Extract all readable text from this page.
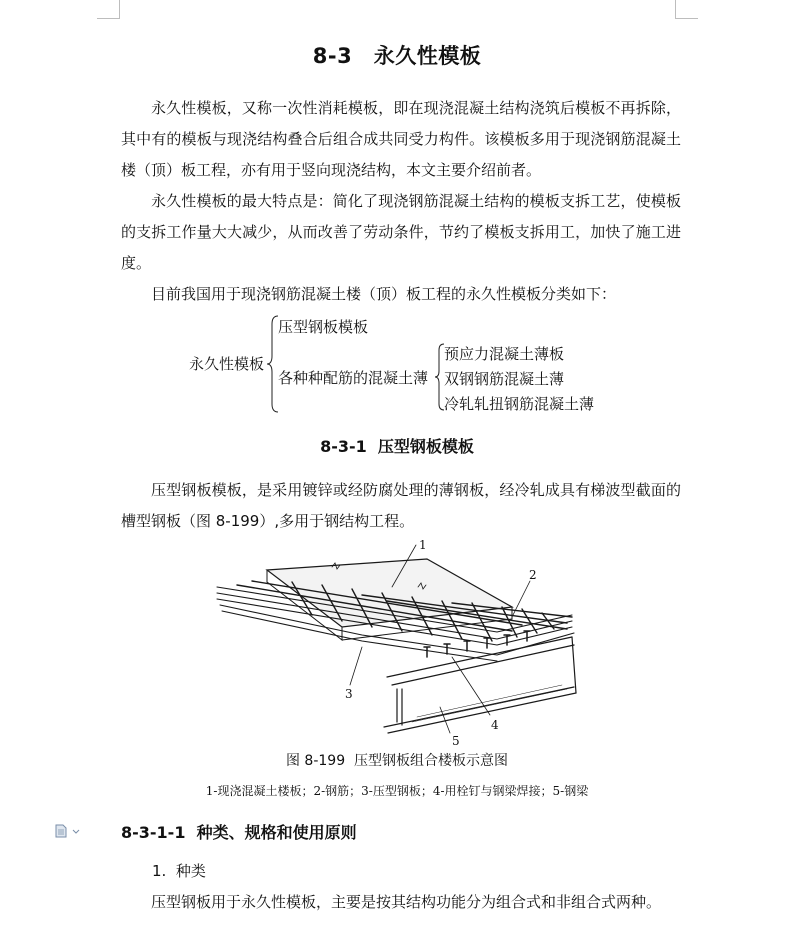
8-3　永久性模板

永久性模板，又称一次性消耗模板，即在现浇混凝土结构浇筑后模板不再拆除，其中有的模板与现浇结构叠合后组合成共同受力构件。该模板多用于现浇钢筋混凝土楼（顶）板工程，亦有用于竖向现浇结构，本文主要介绍前者。

永久性模板的最大特点是：简化了现浇钢筋混凝土结构的模板支拆工艺，使模板的支拆工作量大大减少，从而改善了劳动条件，节约了模板支拆用工，加快了施工进度。

目前我国用于现浇钢筋混凝土楼（顶）板工程的永久性模板分类如下：

永久性模板
压型钢板模板
各种种配筋的混凝土薄
预应力混凝土薄板
双钢钢筋混凝土薄
冷轧轧扭钢筋混凝土薄
8-3-1  压型钢板模板

压型钢板模板，是采用镀锌或经防腐处理的薄钢板，经冷轧成具有梯波型截面的槽型钢板（图 8-199）,多用于钢结构工程。

1
2
3
4
5
图 8-199  压型钢板组合楼板示意图
1-现浇混凝土楼板；2-钢筋；3-压型钢板；4-用栓钉与钢梁焊接；5-钢梁
8-3-1-1  种类、规格和使用原则
1.  种类

压型钢板用于永久性模板，主要是按其结构功能分为组合式和非组合式两种。
